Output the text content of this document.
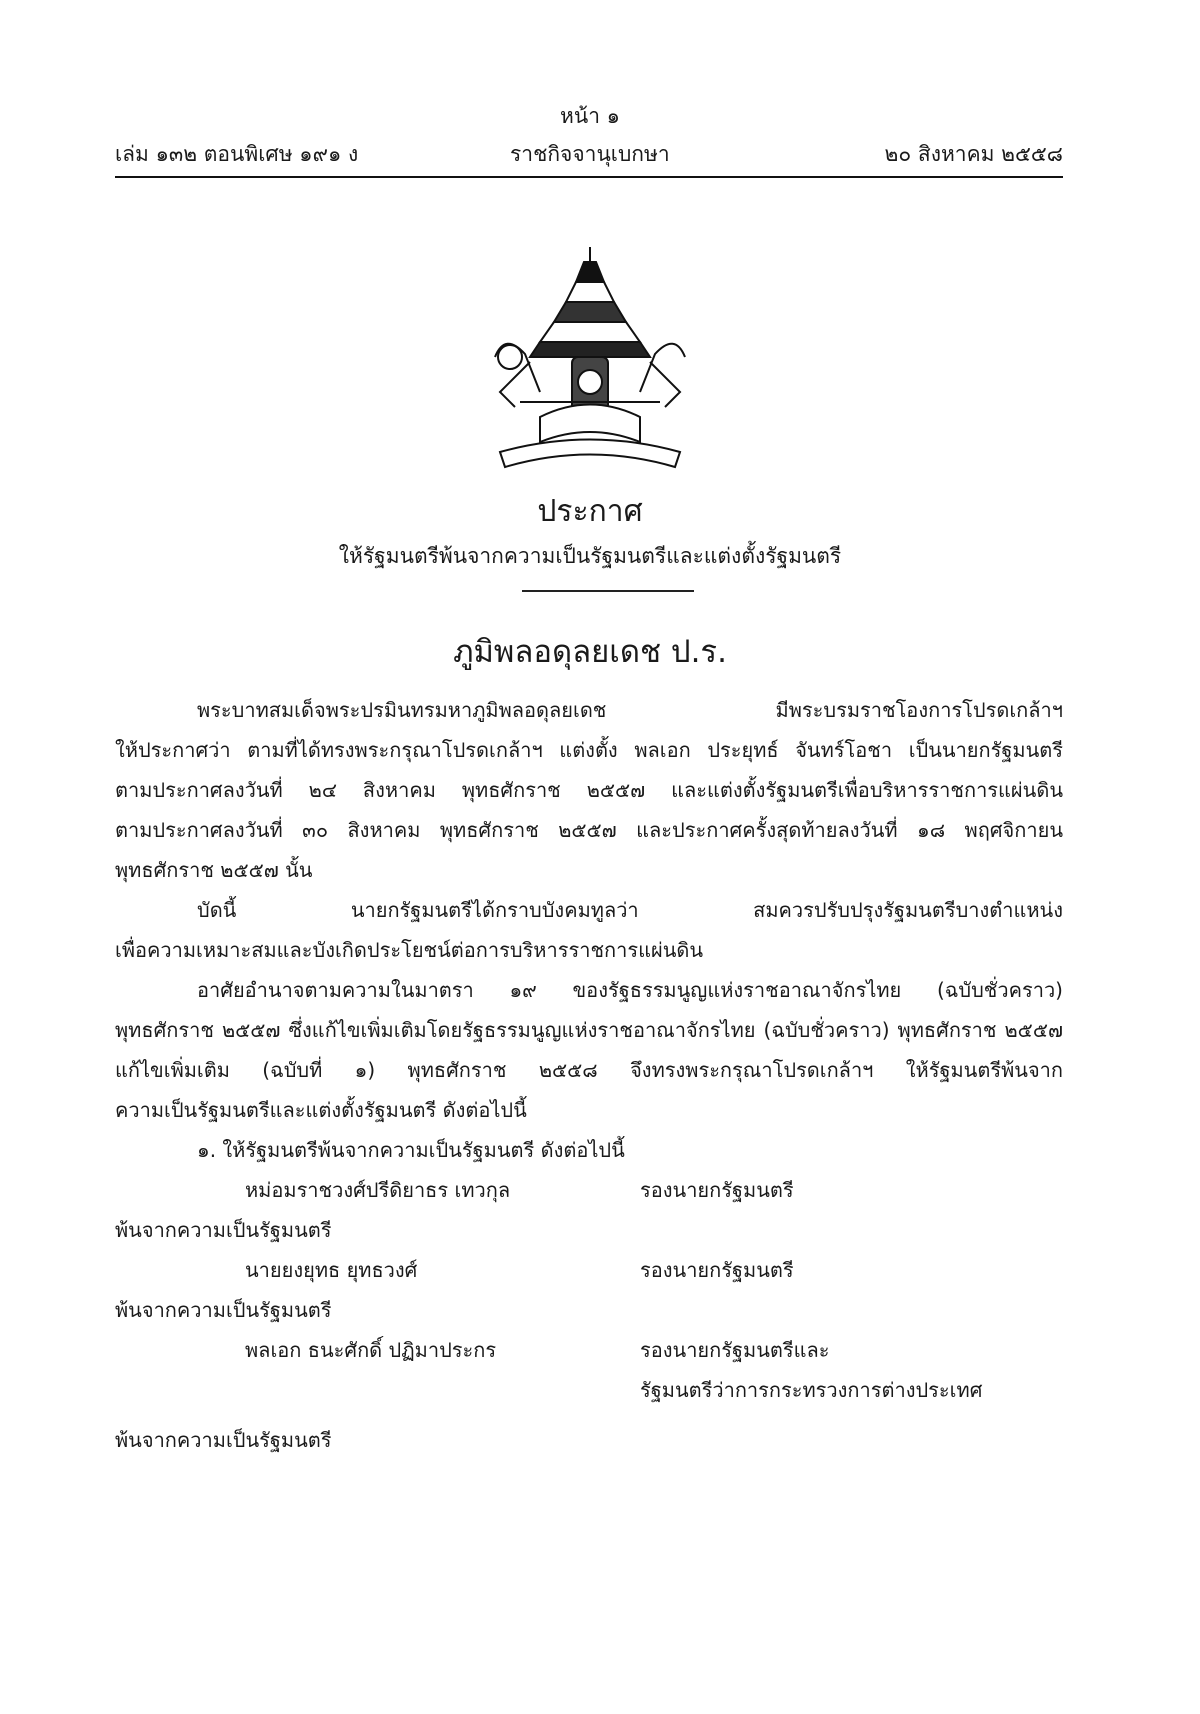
หน้า ๑
เล่ม ๑๓๒ ตอนพิเศษ ๑๙๑ ง	ราชกิจจานุเบกษา	๒๐ สิงหาคม ๒๕๕๘
ประกาศ
ให้รัฐมนตรีพ้นจากความเป็นรัฐมนตรีและแต่งตั้งรัฐมนตรี
ภูมิพลอดุลยเดช ป.ร.
พระบาทสมเด็จพระปรมินทรมหาภูมิพลอดุลยเดช มีพระบรมราชโองการโปรดเกล้าฯ
ให้ประกาศว่า ตามที่ได้ทรงพระกรุณาโปรดเกล้าฯ แต่งตั้ง พลเอก ประยุทธ์ จันทร์โอชา เป็นนายกรัฐมนตรี
ตามประกาศลงวันที่ ๒๔ สิงหาคม พุทธศักราช ๒๕๕๗ และแต่งตั้งรัฐมนตรีเพื่อบริหารราชการแผ่นดิน
ตามประกาศลงวันที่ ๓๐ สิงหาคม พุทธศักราช ๒๕๕๗ และประกาศครั้งสุดท้ายลงวันที่ ๑๘ พฤศจิกายน
พุทธศักราช ๒๕๕๗ นั้น
บัดนี้ นายกรัฐมนตรีได้กราบบังคมทูลว่า สมควรปรับปรุงรัฐมนตรีบางตำแหน่ง
เพื่อความเหมาะสมและบังเกิดประโยชน์ต่อการบริหารราชการแผ่นดิน
อาศัยอำนาจตามความในมาตรา ๑๙ ของรัฐธรรมนูญแห่งราชอาณาจักรไทย (ฉบับชั่วคราว)
พุทธศักราช ๒๕๕๗ ซึ่งแก้ไขเพิ่มเติมโดยรัฐธรรมนูญแห่งราชอาณาจักรไทย (ฉบับชั่วคราว) พุทธศักราช ๒๕๕๗
แก้ไขเพิ่มเติม (ฉบับที่ ๑) พุทธศักราช ๒๕๕๘ จึงทรงพระกรุณาโปรดเกล้าฯ ให้รัฐมนตรีพ้นจาก
ความเป็นรัฐมนตรีและแต่งตั้งรัฐมนตรี ดังต่อไปนี้
๑. ให้รัฐมนตรีพ้นจากความเป็นรัฐมนตรี ดังต่อไปนี้
หม่อมราชวงศ์ปรีดิยาธร เทวกุล	รองนายกรัฐมนตรี
พ้นจากความเป็นรัฐมนตรี
นายยงยุทธ ยุทธวงศ์	รองนายกรัฐมนตรี
พ้นจากความเป็นรัฐมนตรี
พลเอก ธนะศักดิ์ ปฏิมาประกร	รองนายกรัฐมนตรีและ
รัฐมนตรีว่าการกระทรวงการต่างประเทศ
พ้นจากความเป็นรัฐมนตรี
